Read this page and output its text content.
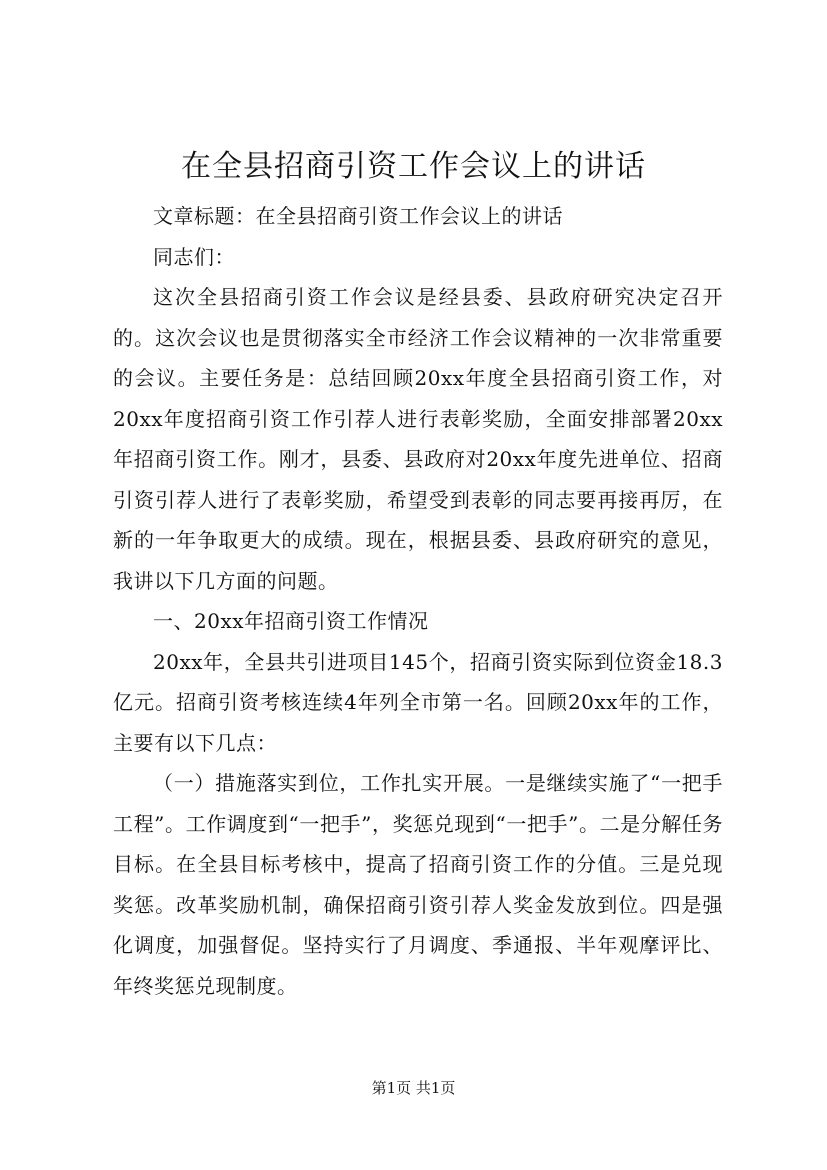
在全县招商引资工作会议上的讲话

文章标题：在全县招商引资工作会议上的讲话

同志们：

这次全县招商引资工作会议是经县委、县政府研究决定召开的。这次会议也是贯彻落实全市经济工作会议精神的一次非常重要的会议。主要任务是：总结回顾20xx年度全县招商引资工作，对20xx年度招商引资工作引荐人进行表彰奖励，全面安排部署20xx年招商引资工作。刚才，县委、县政府对20xx年度先进单位、招商引资引荐人进行了表彰奖励，希望受到表彰的同志要再接再厉，在新的一年争取更大的成绩。现在，根据县委、县政府研究的意见，我讲以下几方面的问题。

一、20xx年招商引资工作情况

20xx年，全县共引进项目145个，招商引资实际到位资金18.3亿元。招商引资考核连续4年列全市第一名。回顾20xx年的工作，主要有以下几点：

（一）措施落实到位，工作扎实开展。一是继续实施了“一把手工程”。工作调度到“一把手”，奖惩兑现到“一把手”。二是分解任务目标。在全县目标考核中，提高了招商引资工作的分值。三是兑现奖惩。改革奖励机制，确保招商引资引荐人奖金发放到位。四是强化调度，加强督促。坚持实行了月调度、季通报、半年观摩评比、年终奖惩兑现制度。

第1页 共1页
